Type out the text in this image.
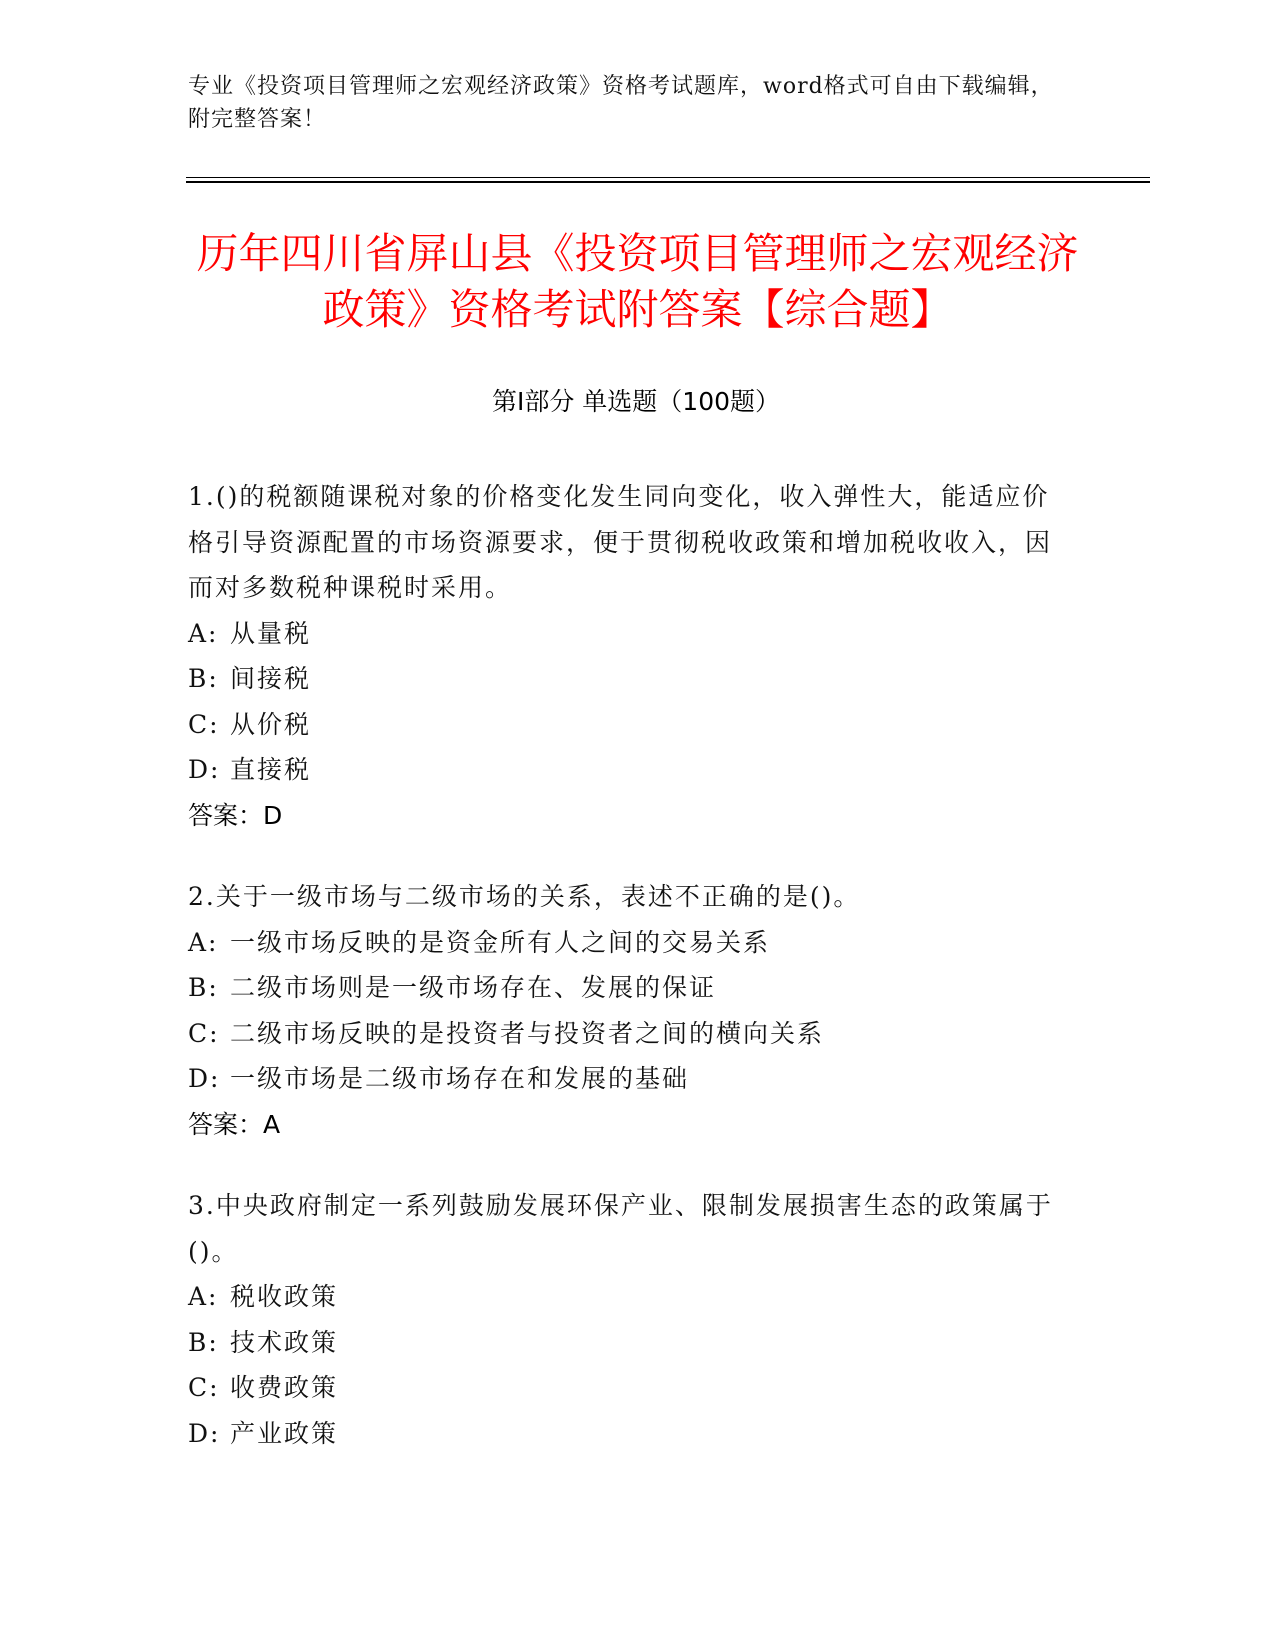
专业《投资项目管理师之宏观经济政策》资格考试题库，word格式可自由下载编辑，附完整答案！
历年四川省屏山县《投资项目管理师之宏观经济政策》资格考试附答案【综合题】
第I部分 单选题（100题）
1.()的税额随课税对象的价格变化发生同向变化，收入弹性大，能适应价格引导资源配置的市场资源要求，便于贯彻税收政策和增加税收收入，因而对多数税种课税时采用。
A: 从量税
B: 间接税
C: 从价税
D: 直接税
答案：D
2.关于一级市场与二级市场的关系，表述不正确的是()。
A: 一级市场反映的是资金所有人之间的交易关系
B: 二级市场则是一级市场存在、发展的保证
C: 二级市场反映的是投资者与投资者之间的横向关系
D: 一级市场是二级市场存在和发展的基础
答案：A
3.中央政府制定一系列鼓励发展环保产业、限制发展损害生态的政策属于()。
A: 税收政策
B: 技术政策
C: 收费政策
D: 产业政策
